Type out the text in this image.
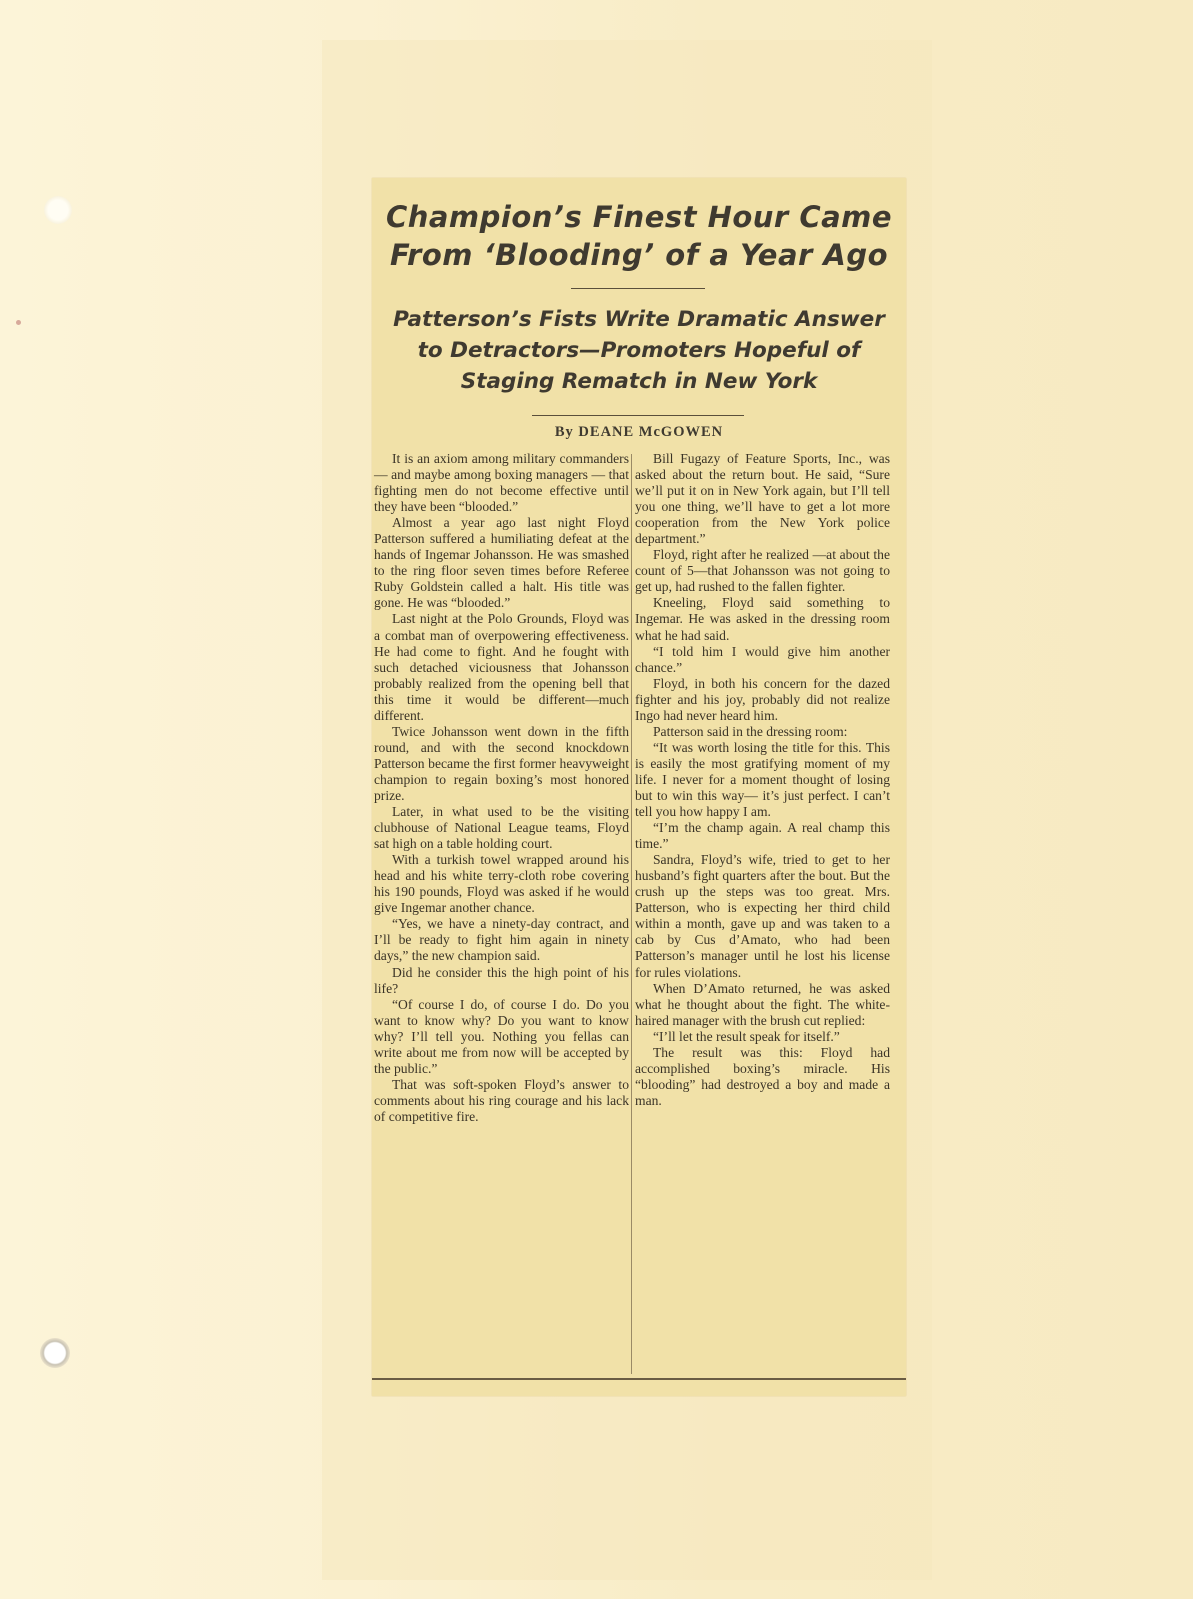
Champion’s Finest Hour Came
From ‘Blooding’ of a Year Ago
Patterson’s Fists Write Dramatic Answer
to Detractors—Promoters Hopeful of
Staging Rematch in New York
By DEANE McGOWEN

It is an axiom among military commanders — and maybe among boxing managers — that fighting men do not become effective until they have been “blooded.”

Almost a year ago last night Floyd Patterson suffered a humiliating defeat at the hands of Ingemar Johansson. He was smashed to the ring floor seven times before Referee Ruby Goldstein called a halt. His title was gone. He was “blooded.”

Last night at the Polo Grounds, Floyd was a combat man of overpowering effectiveness. He had come to fight. And he fought with such detached viciousness that Johansson probably realized from the opening bell that this time it would be different—much different.

Twice Johansson went down in the fifth round, and with the second knockdown Patterson became the first former heavyweight champion to regain boxing’s most honored prize.

Later, in what used to be the visiting clubhouse of National League teams, Floyd sat high on a table holding court.

With a turkish towel wrapped around his head and his white terry-cloth robe covering his 190 pounds, Floyd was asked if he would give Ingemar another chance.

“Yes, we have a ninety-day contract, and I’ll be ready to fight him again in ninety days,” the new champion said.

Did he consider this the high point of his life?

“Of course I do, of course I do. Do you want to know why? Do you want to know why? I’ll tell you. Nothing you fellas can write about me from now will be accepted by the public.”

That was soft-spoken Floyd’s answer to comments about his ring courage and his lack of competitive fire.

Bill Fugazy of Feature Sports, Inc., was asked about the return bout. He said, “Sure we’ll put it on in New York again, but I’ll tell you one thing, we’ll have to get a lot more cooperation from the New York police department.”

Floyd, right after he realized —at about the count of 5—that Johansson was not going to get up, had rushed to the fallen fighter.

Kneeling, Floyd said something to Ingemar. He was asked in the dressing room what he had said.

“I told him I would give him another chance.”

Floyd, in both his concern for the dazed fighter and his joy, probably did not realize Ingo had never heard him.

Patterson said in the dressing room:

“It was worth losing the title for this. This is easily the most gratifying moment of my life. I never for a moment thought of losing but to win this way— it’s just perfect. I can’t tell you how happy I am.

“I’m the champ again. A real champ this time.”

Sandra, Floyd’s wife, tried to get to her husband’s fight quarters after the bout. But the crush up the steps was too great. Mrs. Patterson, who is expecting her third child within a month, gave up and was taken to a cab by Cus d’Amato, who had been Patterson’s manager until he lost his license for rules violations.

When D’Amato returned, he was asked what he thought about the fight. The white-haired manager with the brush cut replied:

“I’ll let the result speak for itself.”

The result was this: Floyd had accomplished boxing’s miracle. His “blooding” had destroyed a boy and made a man.
